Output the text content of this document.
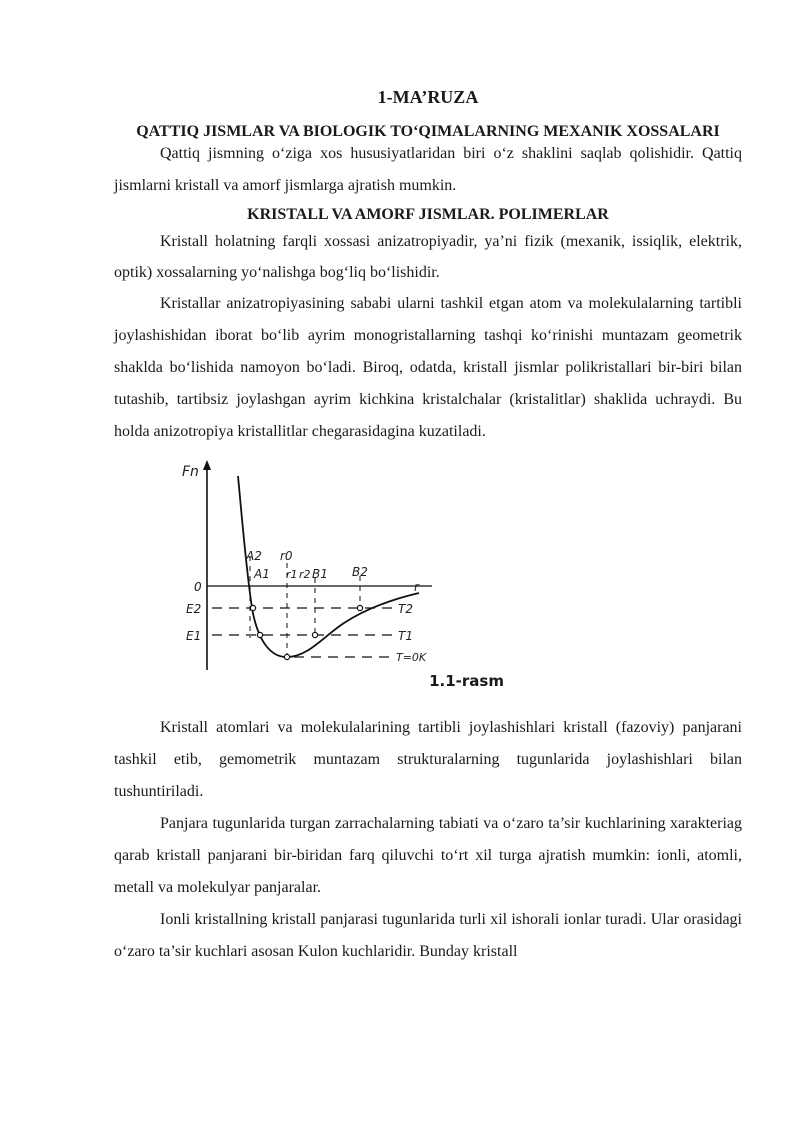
1-MA’RUZA
QATTIQ JISMLAR VA BIOLOGIK TO‘QIMALARNING MEXANIK XOSSALARI

Qattiq jismning o‘ziga xos hususiyatlaridan biri o‘z shaklini saqlab qolishidir. Qattiq jismlarni kristall va amorf jismlarga ajratish mumkin.

KRISTALL VA AMORF JISMLAR. POLIMERLAR

Kristall holatning farqli xossasi anizatropiyadir, ya’ni fizik (mexanik, issiqlik, elektrik, optik) xossalarning yo‘nalishga bog‘liq bo‘lishidir.

Kristallar anizatropiyasining sababi ularni tashkil etgan atom va molekulalarning tartibli joylashishidan iborat bo‘lib ayrim monogristallarning tashqi ko‘rinishi muntazam geometrik shaklda bo‘lishida namoyon bo‘ladi. Biroq, odatda, kristall jismlar polikristallari bir-biri bilan tutashib, tartibsiz joylashgan ayrim kichkina kristalchalar (kristalitlar) shaklida uchraydi. Bu holda anizotropiya kristallitlar chegarasidagina kuzatiladi.

Fn
0
E2
E1
A2
A1
r0
r1 r2 B1 B2
r
T2
T1
T=0K
1.1-rasm

Kristall atomlari va molekulalarining tartibli joylashishlari kristall (fazoviy) panjarani tashkil etib, gemometrik muntazam strukturalarning tugunlarida joylashishlari bilan tushuntiriladi.

Panjara tugunlarida turgan zarrachalarning tabiati va o‘zaro ta’sir kuchlarining xarakteriag qarab kristall panjarani bir-biridan farq qiluvchi to‘rt xil turga ajratish mumkin: ionli, atomli, metall va molekulyar panjaralar.

Ionli kristallning kristall panjarasi tugunlarida turli xil ishorali ionlar turadi. Ular orasidagi o‘zaro ta’sir kuchlari asosan Kulon kuchlaridir. Bunday kristall
